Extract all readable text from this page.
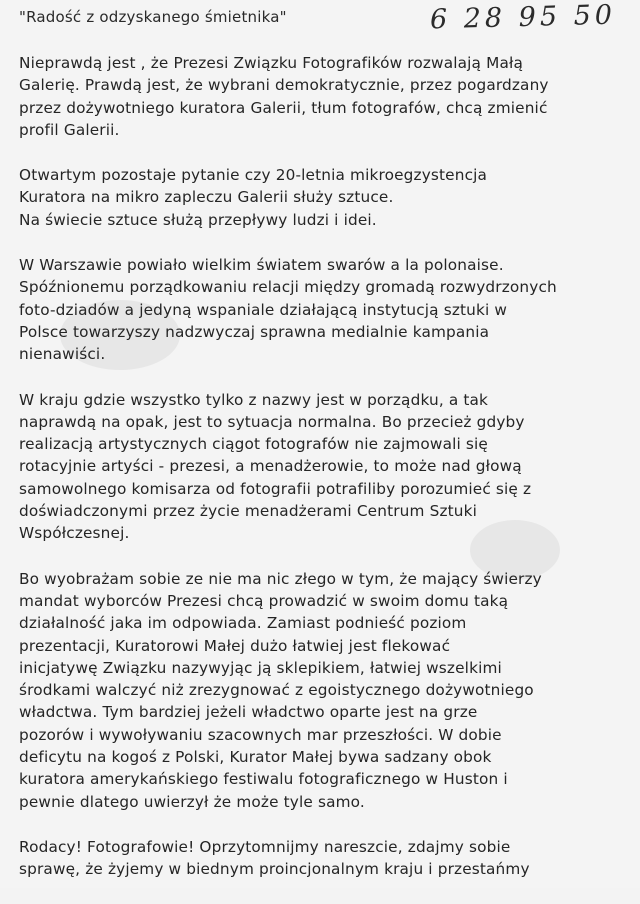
"Radość z odzyskanego śmietnika"	6 28 95 50
Nieprawdą jest , że Prezesi Związku Fotografików rozwalają Małą
Galerię. Prawdą jest, że wybrani demokratycznie, przez pogardzany
przez dożywotniego kuratora Galerii, tłum fotografów, chcą zmienić
profil Galerii.
Otwartym pozostaje pytanie czy 20-letnia mikroegzystencja
Kuratora na mikro zapleczu Galerii służy sztuce.
Na świecie sztuce służą przepływy ludzi i idei.
W Warszawie powiało wielkim światem swarów a la polonaise.
Spóźnionemu porządkowaniu relacji między gromadą rozwydrzonych
foto-dziadów a jedyną wspaniale działającą instytucją sztuki w
Polsce towarzyszy nadzwyczaj sprawna medialnie kampania
nienawiści.
W kraju gdzie wszystko tylko z nazwy jest w porządku, a tak
naprawdą na opak, jest to sytuacja normalna. Bo przecież gdyby
realizacją artystycznych ciągot fotografów nie zajmowali się
rotacyjnie artyści - prezesi, a menadżerowie, to może nad głową
samowolnego komisarza od fotografii potrafiliby porozumieć się z
doświadczonymi przez życie menadżerami Centrum Sztuki
Współczesnej.
Bo wyobrażam sobie ze nie ma nic złego w tym, że mający świerzy
mandat wyborców Prezesi chcą prowadzić w swoim domu taką
działalność jaka im odpowiada. Zamiast podnieść poziom
prezentacji, Kuratorowi Małej dużo łatwiej jest flekować
inicjatywę Związku nazywyjąc ją sklepikiem, łatwiej wszelkimi
środkami walczyć niż zrezygnować z egoistycznego dożywotniego
władctwa. Tym bardziej jeżeli władctwo oparte jest na grze
pozorów i wywoływaniu szacownych mar przeszłości. W dobie
deficytu na kogoś z Polski, Kurator Małej bywa sadzany obok
kuratora amerykańskiego festiwalu fotograficznego w Huston i
pewnie dlatego uwierzył że może tyle samo.
Rodacy! Fotografowie! Oprzytomnijmy nareszcie, zdajmy sobie
sprawę, że żyjemy w biednym proincjonalnym kraju i przestańmy
